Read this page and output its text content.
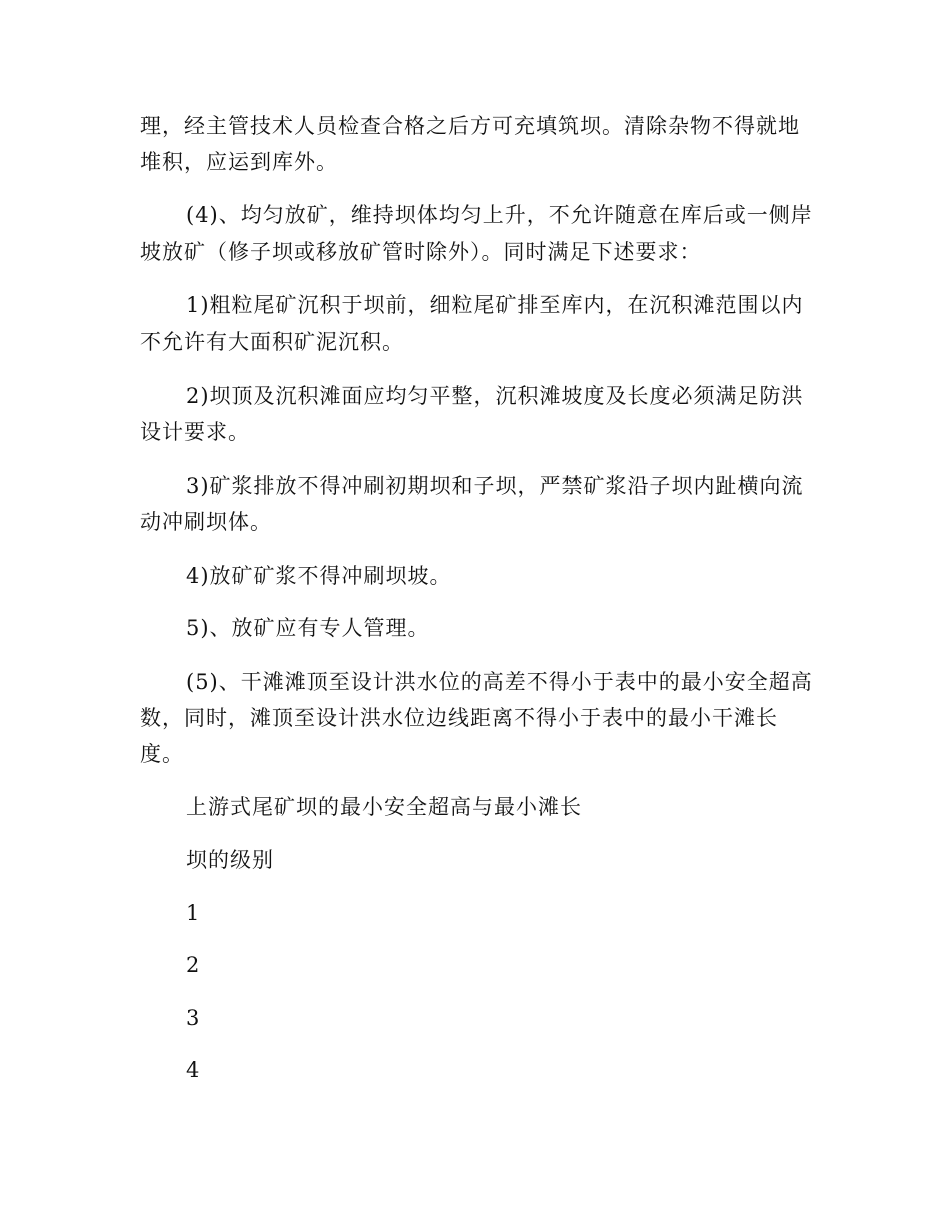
理，经主管技术人员检查合格之后方可充填筑坝。清除杂物不得就地
堆积，应运到库外。
(4)、均匀放矿，维持坝体均匀上升，不允许随意在库后或一侧岸
坡放矿（修子坝或移放矿管时除外）。同时满足下述要求：
1)粗粒尾矿沉积于坝前，细粒尾矿排至库内，在沉积滩范围以内
不允许有大面积矿泥沉积。
2)坝顶及沉积滩面应均匀平整，沉积滩坡度及长度必须满足防洪
设计要求。
3)矿浆排放不得冲刷初期坝和子坝，严禁矿浆沿子坝内趾横向流
动冲刷坝体。
4)放矿矿浆不得冲刷坝坡。
5)、放矿应有专人管理。
(5)、干滩滩顶至设计洪水位的高差不得小于表中的最小安全超高
数，同时，滩顶至设计洪水位边线距离不得小于表中的最小干滩长
度。
上游式尾矿坝的最小安全超高与最小滩长
坝的级别
1
2
3
4
